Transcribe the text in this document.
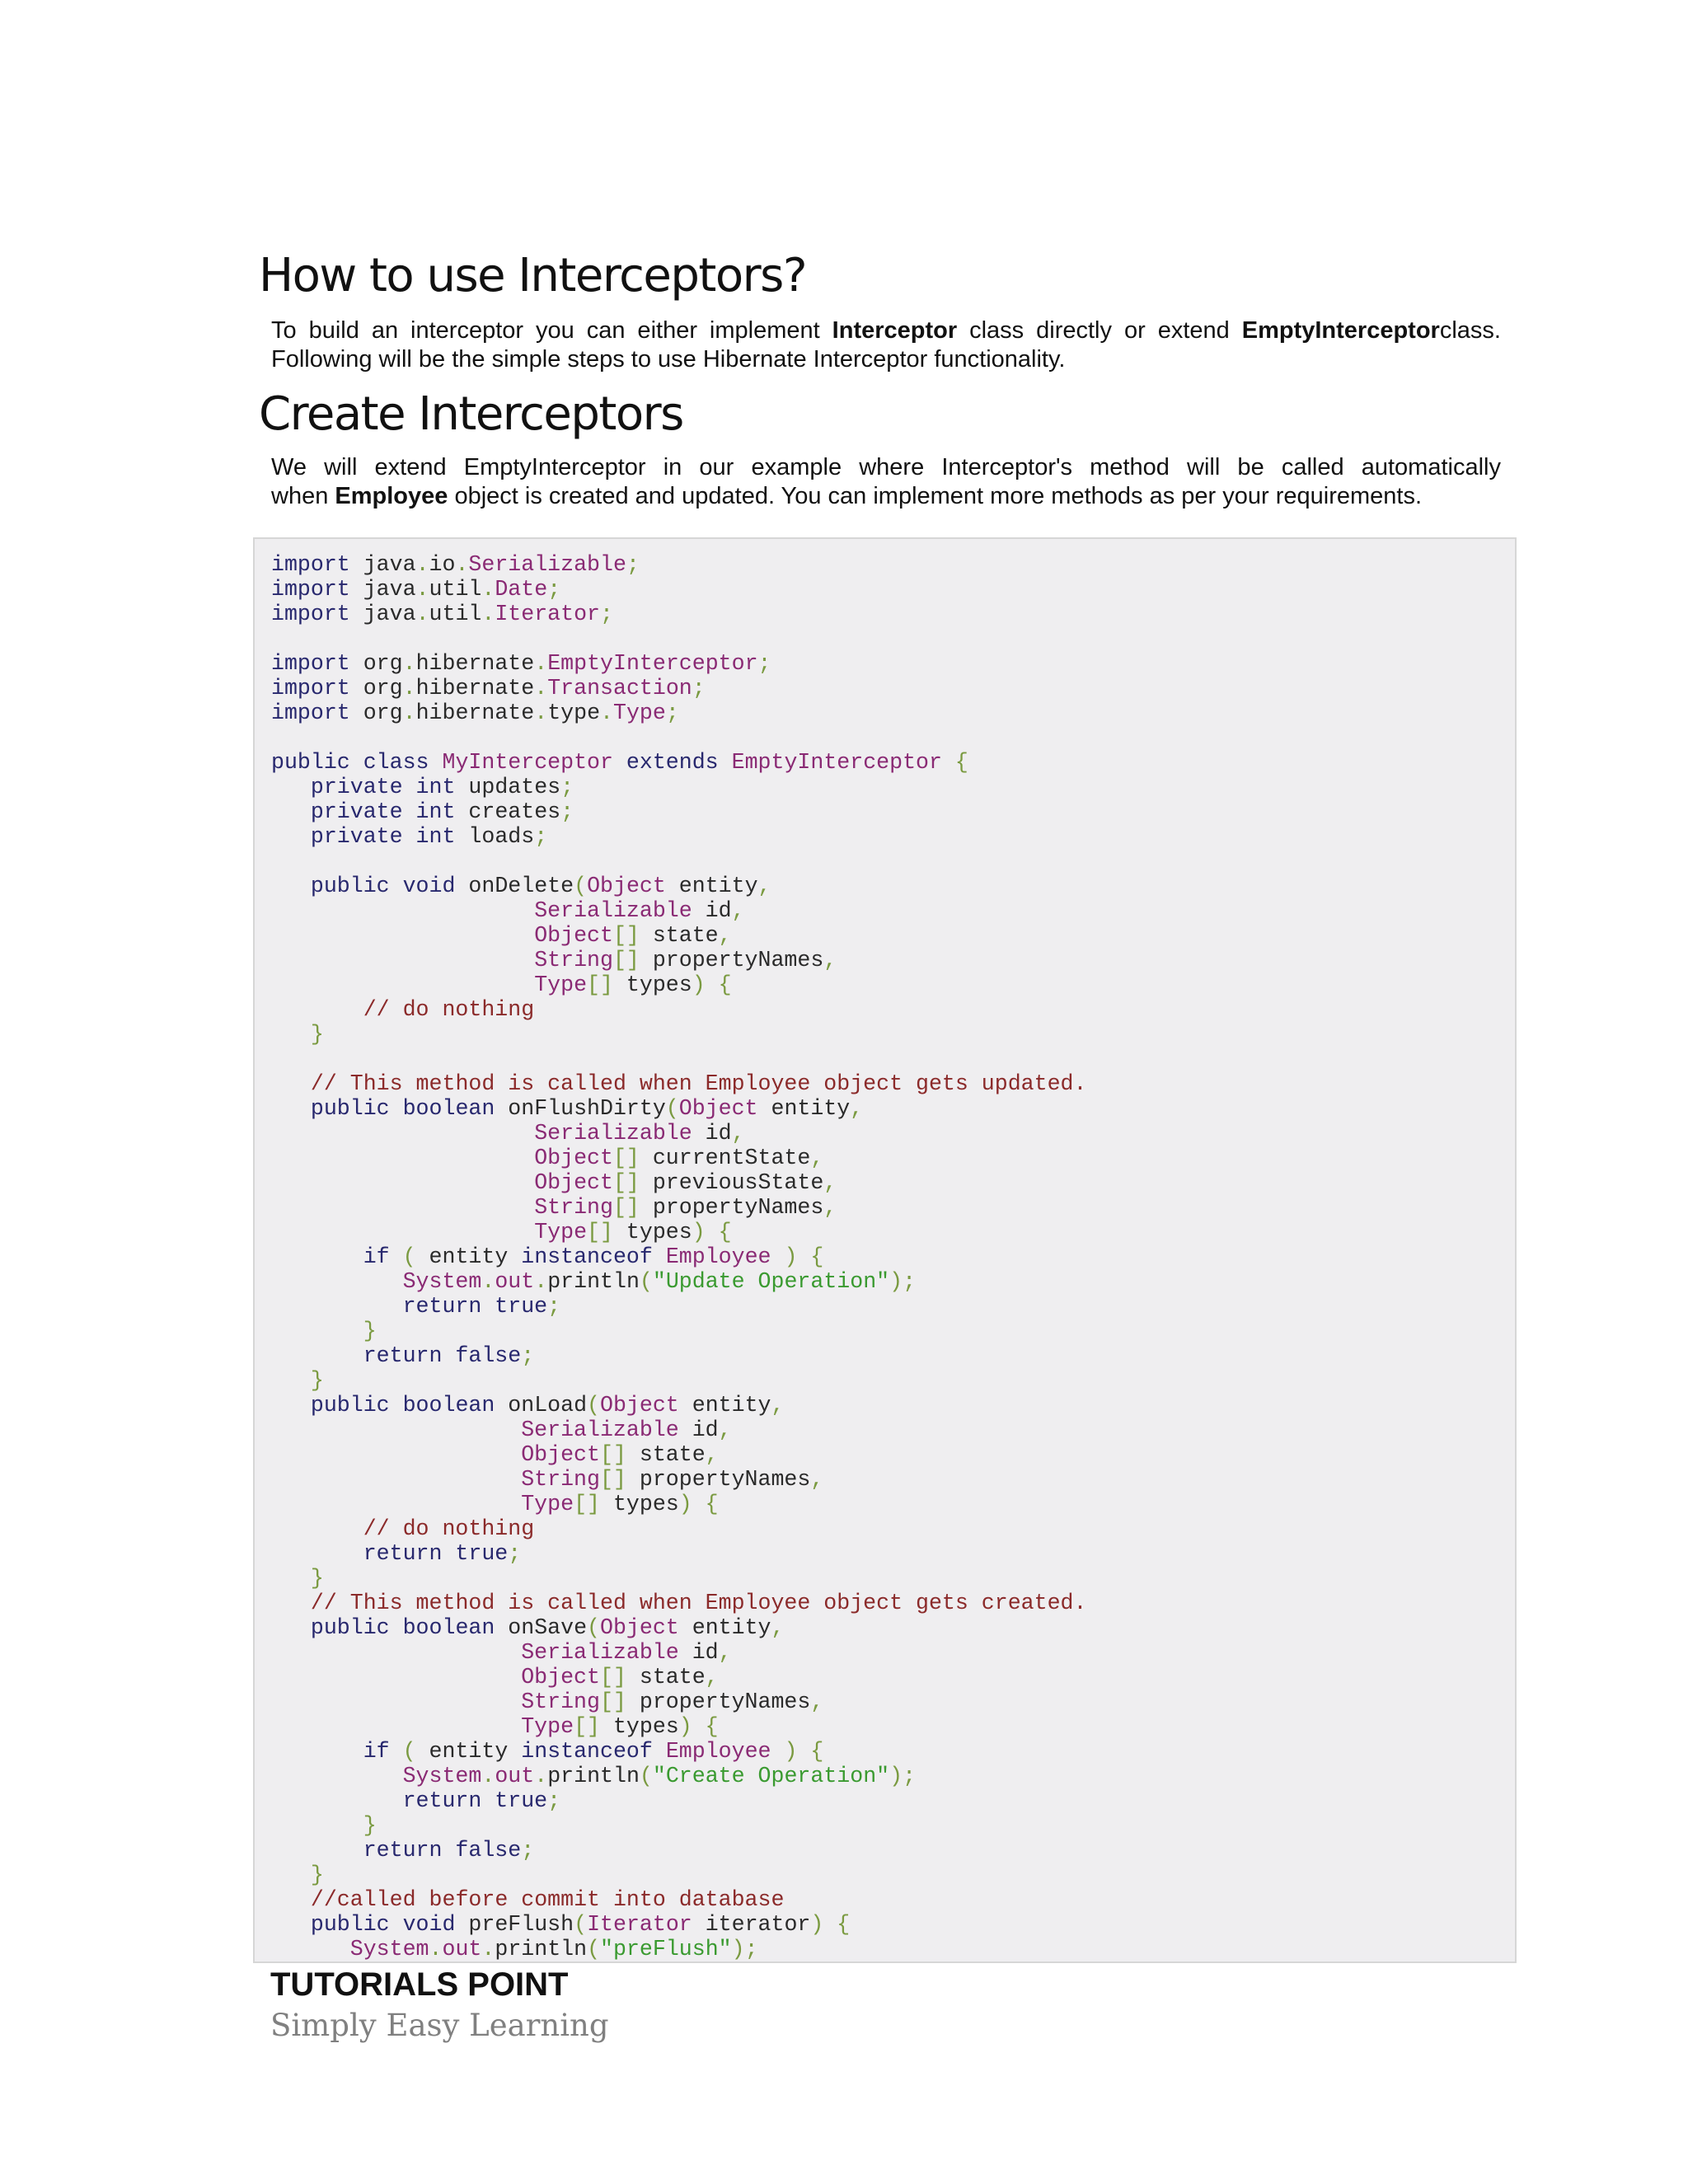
How to use Interceptors?

To build an interceptor you can either implement Interceptor class directly or extend EmptyInterceptorclass.
Following will be the simple steps to use Hibernate Interceptor functionality.

Create Interceptors

We will extend EmptyInterceptor in our example where Interceptor's method will be called automatically
when Employee object is created and updated. You can implement more methods as per your requirements.

import java.io.Serializable;
import java.util.Date;
import java.util.Iterator;

import org.hibernate.EmptyInterceptor;
import org.hibernate.Transaction;
import org.hibernate.type.Type;

public class MyInterceptor extends EmptyInterceptor {
private int updates;
private int creates;
private int loads;

public void onDelete(Object entity,
Serializable id,
Object[] state,
String[] propertyNames,
Type[] types) {
// do nothing
}

// This method is called when Employee object gets updated.
public boolean onFlushDirty(Object entity,
Serializable id,
Object[] currentState,
Object[] previousState,
String[] propertyNames,
Type[] types) {
if ( entity instanceof Employee ) {
System.out.println("Update Operation");
return true;
}
return false;
}
public boolean onLoad(Object entity,
Serializable id,
Object[] state,
String[] propertyNames,
Type[] types) {
// do nothing
return true;
}
// This method is called when Employee object gets created.
public boolean onSave(Object entity,
Serializable id,
Object[] state,
String[] propertyNames,
Type[] types) {
if ( entity instanceof Employee ) {
System.out.println("Create Operation");
return true;
}
return false;
}
//called before commit into database
public void preFlush(Iterator iterator) {
System.out.println("preFlush");

TUTORIALS POINT
Simply Easy Learning
